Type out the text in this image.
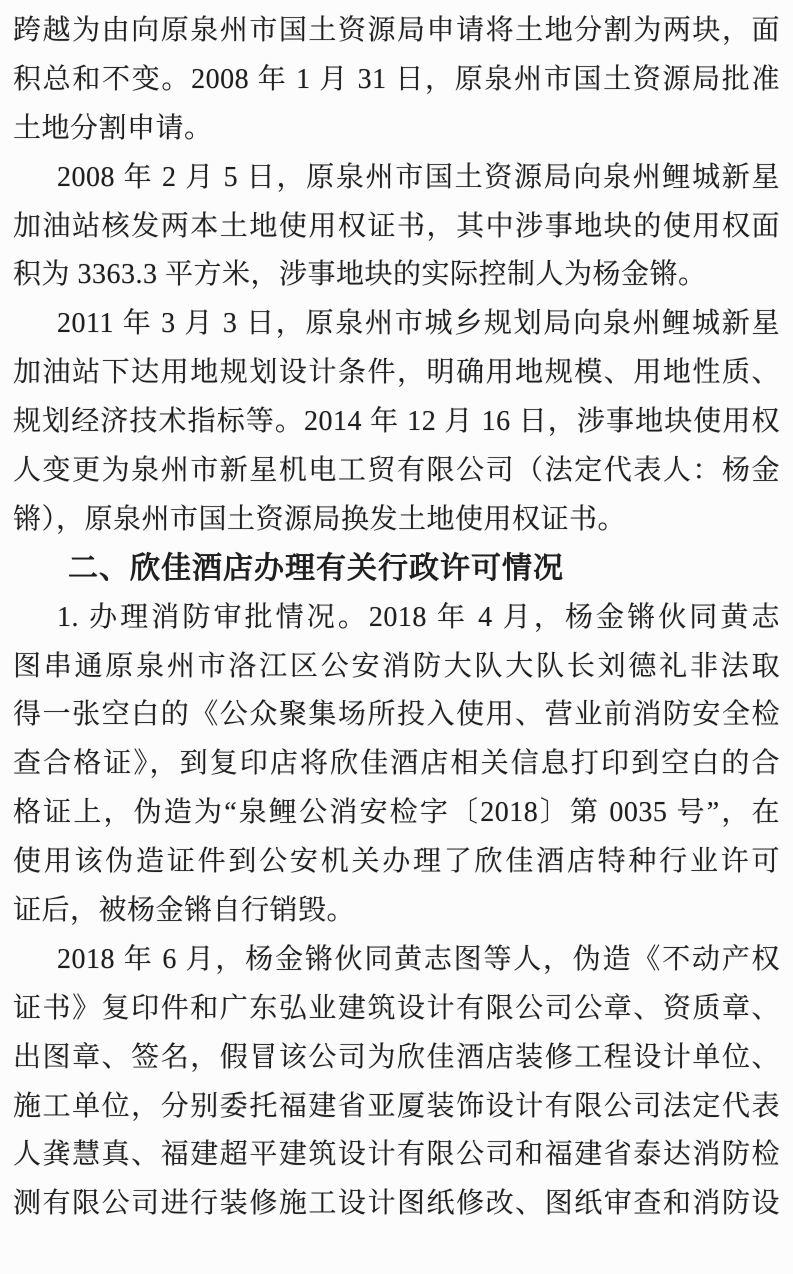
跨越为由向原泉州市国土资源局申请将土地分割为两块，面
积总和不变。2008 年 1 月 31 日，原泉州市国土资源局批准
土地分割申请。
2008 年 2 月 5 日，原泉州市国土资源局向泉州鲤城新星
加油站核发两本土地使用权证书，其中涉事地块的使用权面
积为 3363.3 平方米，涉事地块的实际控制人为杨金锵。
2011 年 3 月 3 日，原泉州市城乡规划局向泉州鲤城新星
加油站下达用地规划设计条件，明确用地规模、用地性质、
规划经济技术指标等。2014 年 12 月 16 日，涉事地块使用权
人变更为泉州市新星机电工贸有限公司（法定代表人：杨金
锵），原泉州市国土资源局换发土地使用权证书。
二、欣佳酒店办理有关行政许可情况
1. 办理消防审批情况。2018 年 4 月，杨金锵伙同黄志
图串通原泉州市洛江区公安消防大队大队长刘德礼非法取
得一张空白的《公众聚集场所投入使用、营业前消防安全检
查合格证》，到复印店将欣佳酒店相关信息打印到空白的合
格证上，伪造为“泉鲤公消安检字〔2018〕第 0035 号”，在
使用该伪造证件到公安机关办理了欣佳酒店特种行业许可
证后，被杨金锵自行销毁。
2018 年 6 月，杨金锵伙同黄志图等人，伪造《不动产权
证书》复印件和广东弘业建筑设计有限公司公章、资质章、
出图章、签名，假冒该公司为欣佳酒店装修工程设计单位、
施工单位，分别委托福建省亚厦装饰设计有限公司法定代表
人龚慧真、福建超平建筑设计有限公司和福建省泰达消防检
测有限公司进行装修施工设计图纸修改、图纸审查和消防设
